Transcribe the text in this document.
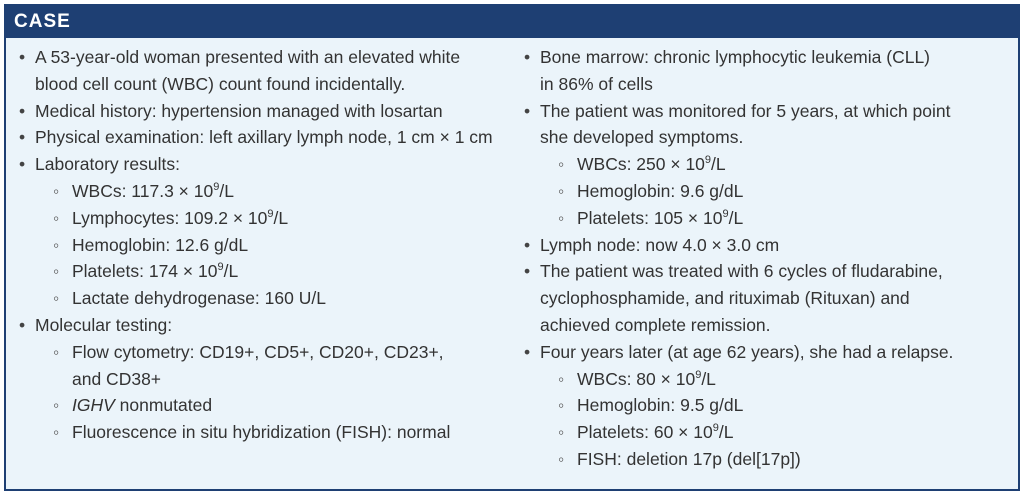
CASE
• A 53-year-old woman presented with an elevated white
blood cell count (WBC) count found incidentally.
• Medical history: hypertension managed with losartan
• Physical examination: left axillary lymph node, 1 cm × 1 cm
• Laboratory results:
◦ WBCs: $117.3 \times 10^9/L$
◦ Lymphocytes: $109.2 \times 10^9/L$
◦ Hemoglobin: 12.6 g/dL
◦ Platelets: $174 \times 10^9/L$
◦ Lactate dehydrogenase: 160 U/L
• Molecular testing:
◦ Flow cytometry: CD19+, CD5+, CD20+, CD23+,
and CD38+
◦ IGHV nonmutated
◦ Fluorescence in situ hybridization (FISH): normal
• Bone marrow: chronic lymphocytic leukemia (CLL)
in 86% of cells
• The patient was monitored for 5 years, at which point
she developed symptoms.
◦ WBCs: $250 \times 10^9/L$
◦ Hemoglobin: 9.6 g/dL
◦ Platelets: $105 \times 10^9/L$
• Lymph node: now 4.0 × 3.0 cm
• The patient was treated with 6 cycles of fludarabine,
cyclophosphamide, and rituximab (Rituxan) and
achieved complete remission.
• Four years later (at age 62 years), she had a relapse.
◦ WBCs: $80 \times 10^9/L$
◦ Hemoglobin: 9.5 g/dL
◦ Platelets: $60 \times 10^9/L$
◦ FISH: deletion 17p (del[17p])
